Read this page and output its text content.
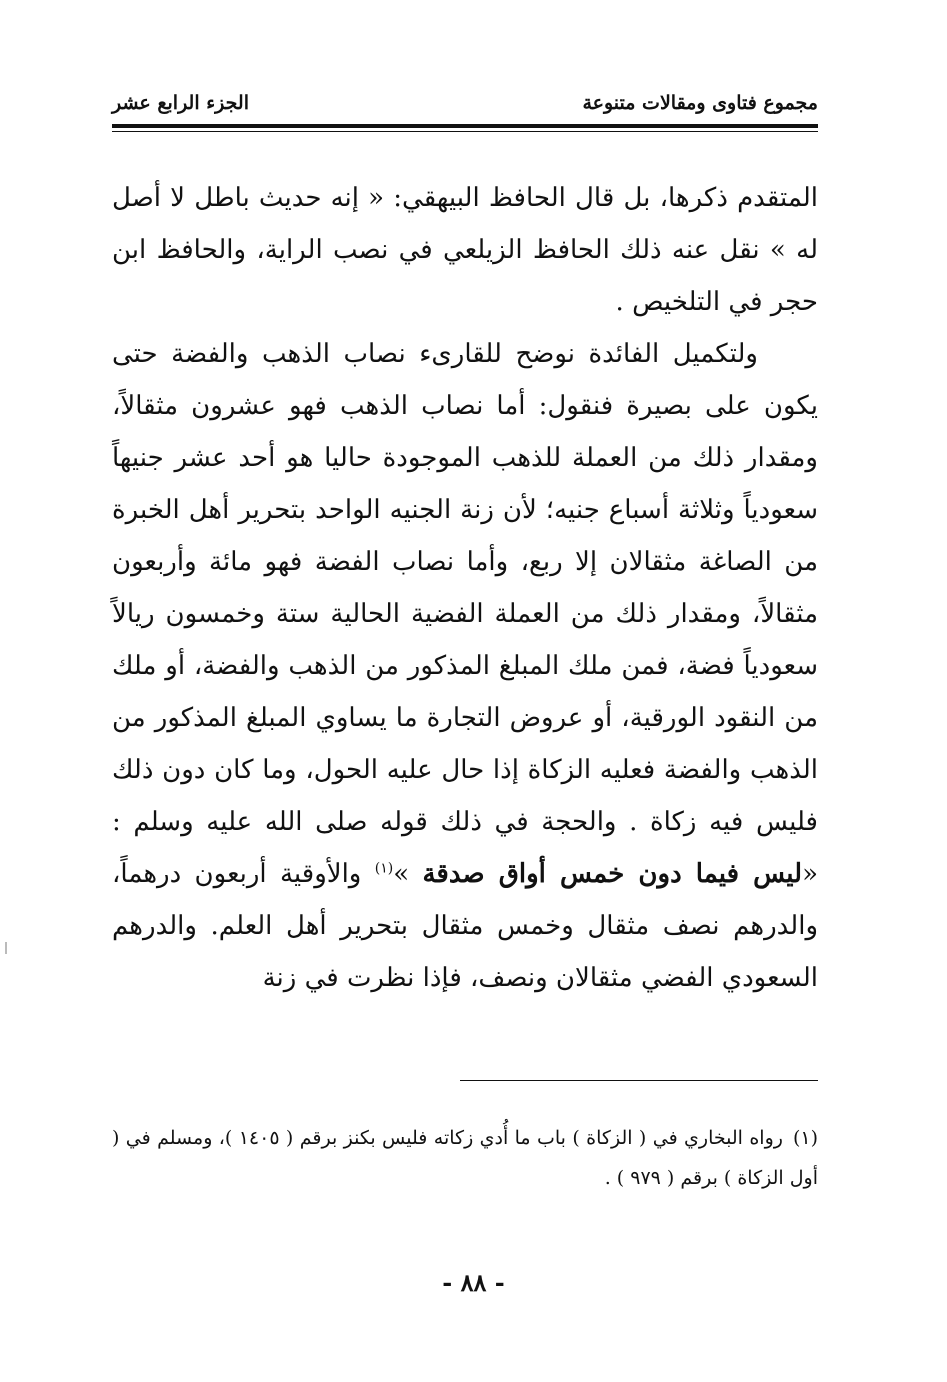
مجموع فتاوى ومقالات متنوعة
الجزء الرابع عشر

المتقدم ذكرها، بل قال الحافظ البيهقي: « إنه حديث باطل لا أصل له » نقل عنه ذلك الحافظ الزيلعي في نصب الراية، والحافظ ابن حجر في التلخيص .

ولتكميل الفائدة نوضح للقارىء نصاب الذهب والفضة حتى يكون على بصيرة فنقول: أما نصاب الذهب فهو عشرون مثقالاً، ومقدار ذلك من العملة للذهب الموجودة حاليا هو أحد عشر جنيهاً سعودياً وثلاثة أسباع جنيه؛ لأن زنة الجنيه الواحد بتحرير أهل الخبرة من الصاغة مثقالان إلا ربع، وأما نصاب الفضة فهو مائة وأربعون مثقالاً، ومقدار ذلك من العملة الفضية الحالية ستة وخمسون ريالاً سعودياً فضة، فمن ملك المبلغ المذكور من الذهب والفضة، أو ملك من النقود الورقية، أو عروض التجارة ما يساوي المبلغ المذكور من الذهب والفضة فعليه الزكاة إذا حال عليه الحول، وما كان دون ذلك فليس فيه زكاة . والحجة في ذلك قوله صلى الله عليه وسلم : «ليس فيما دون خمس أواق صدقة »$^{(١)}$ والأوقية أربعون درهماً، والدرهم نصف مثقال وخمس مثقال بتحرير أهل العلم. والدرهم السعودي الفضي مثقالان ونصف، فإذا نظرت في زنة

(١)رواه البخاري في ( الزكاة ) باب ما أُدي زكاته فليس بكنز برقم ( ١٤٠٥ )، ومسلم في ( أول الزكاة ) برقم ( ٩٧٩ ) .
- ٨٨ -
